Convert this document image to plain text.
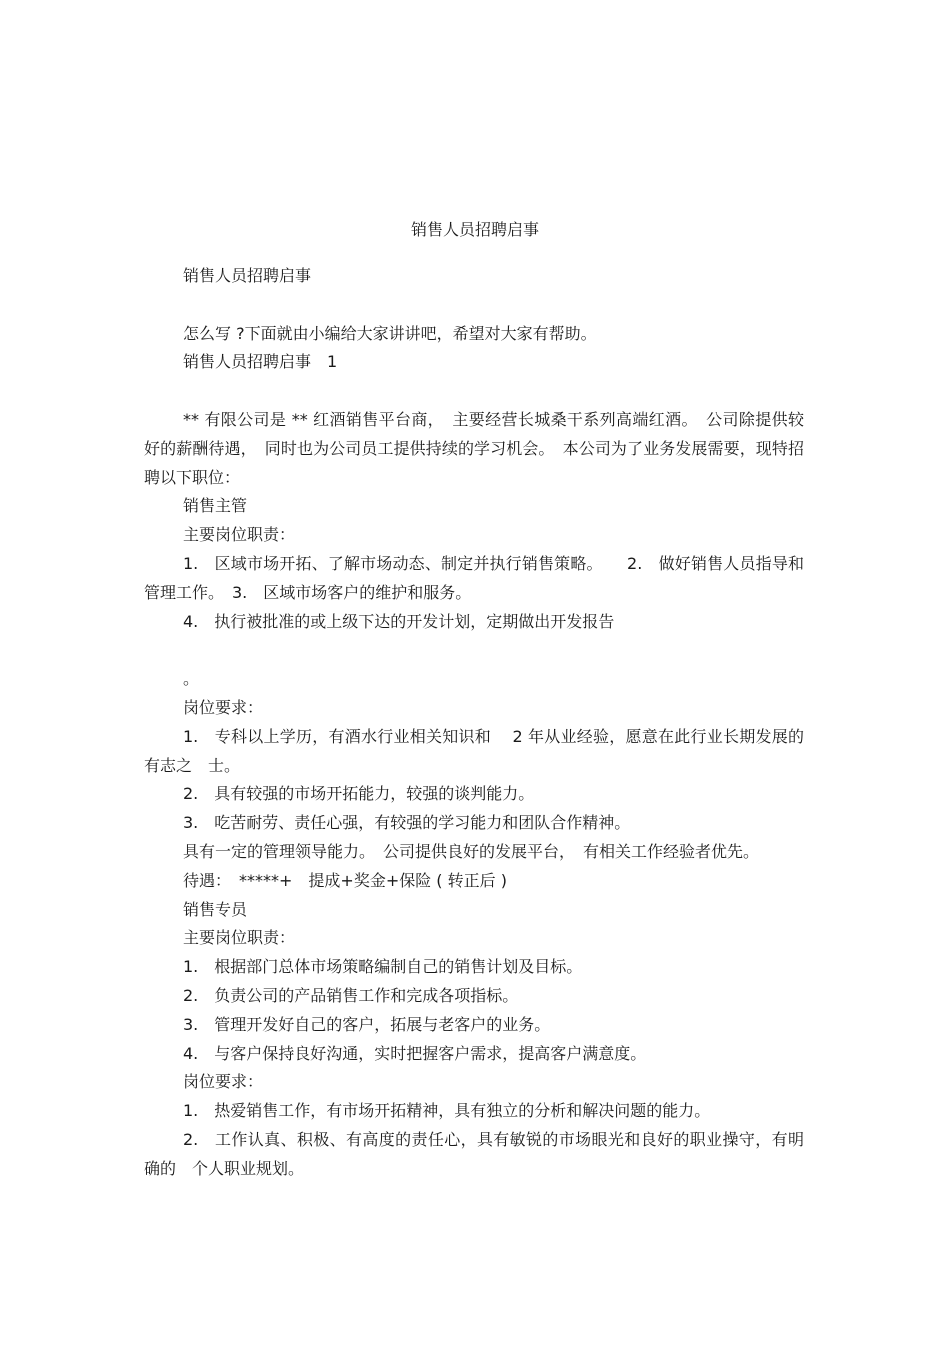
销售人员招聘启事

销售人员招聘启事

怎么写 ?下面就由小编给大家讲讲吧，希望对大家有帮助。

销售人员招聘启事　1

** 有限公司是 ** 红酒销售平台商，　主要经营长城桑干系列高端红酒。　公司除提供较好的薪酬待遇，　同时也为公司员工提供持续的学习机会。　本公司为了业务发展需要，现特招聘以下职位：

销售主管

主要岗位职责：

1.　区域市场开拓、了解市场动态、制定并执行销售策略。　　2.　做好销售人员指导和管理工作。　3.　区域市场客户的维护和服务。

4.　执行被批准的或上级下达的开发计划，定期做出开发报告

。

岗位要求：

1.　专科以上学历，有酒水行业相关知识和　 2 年从业经验，愿意在此行业长期发展的有志之　士。

2.　具有较强的市场开拓能力，较强的谈判能力。

3.　吃苦耐劳、责任心强，有较强的学习能力和团队合作精神。

具有一定的管理领导能力。　公司提供良好的发展平台，　有相关工作经验者优先。

待遇：　*****+　提成+奖金+保险 ( 转正后 )

销售专员

主要岗位职责：

1.　根据部门总体市场策略编制自己的销售计划及目标。

2.　负责公司的产品销售工作和完成各项指标。

3.　管理开发好自己的客户，拓展与老客户的业务。

4.　与客户保持良好沟通，实时把握客户需求，提高客户满意度。

岗位要求：

1.　热爱销售工作，有市场开拓精神，具有独立的分析和解决问题的能力。

2.　工作认真、积极、有高度的责任心，具有敏锐的市场眼光和良好的职业操守，有明确的　个人职业规划。
